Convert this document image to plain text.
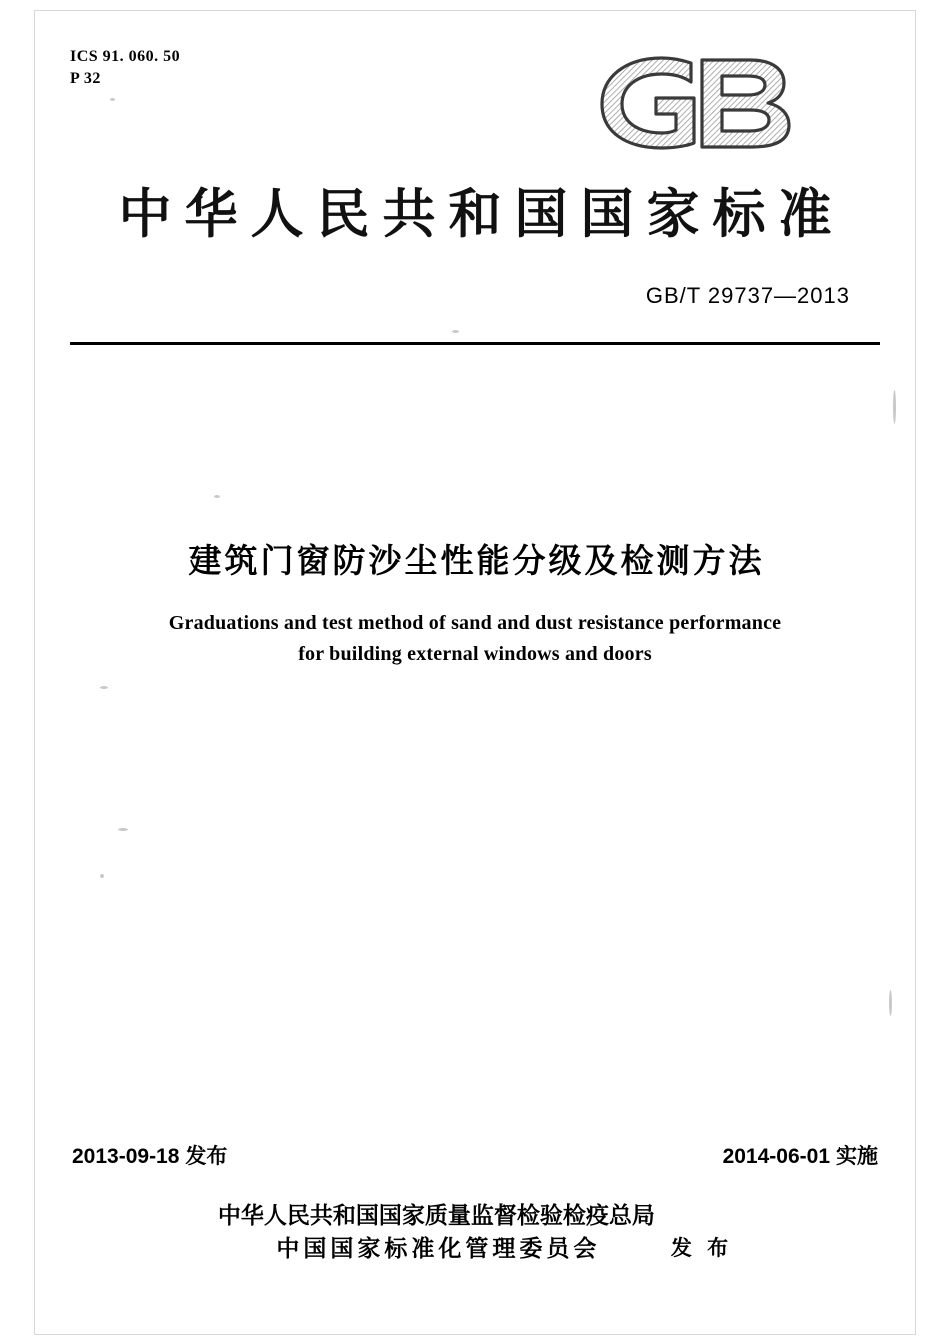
ICS 91. 060. 50
P 32
中华人民共和国国家标准
GB/T 29737—2013
建筑门窗防沙尘性能分级及检测方法
Graduations and test method of sand and dust resistance performance
for building external windows and doors
2013-09-18 发布	2014-06-01 实施
中华人民共和国国家质量监督检验检疫总局
中国国家标准化管理委员会	发 布
